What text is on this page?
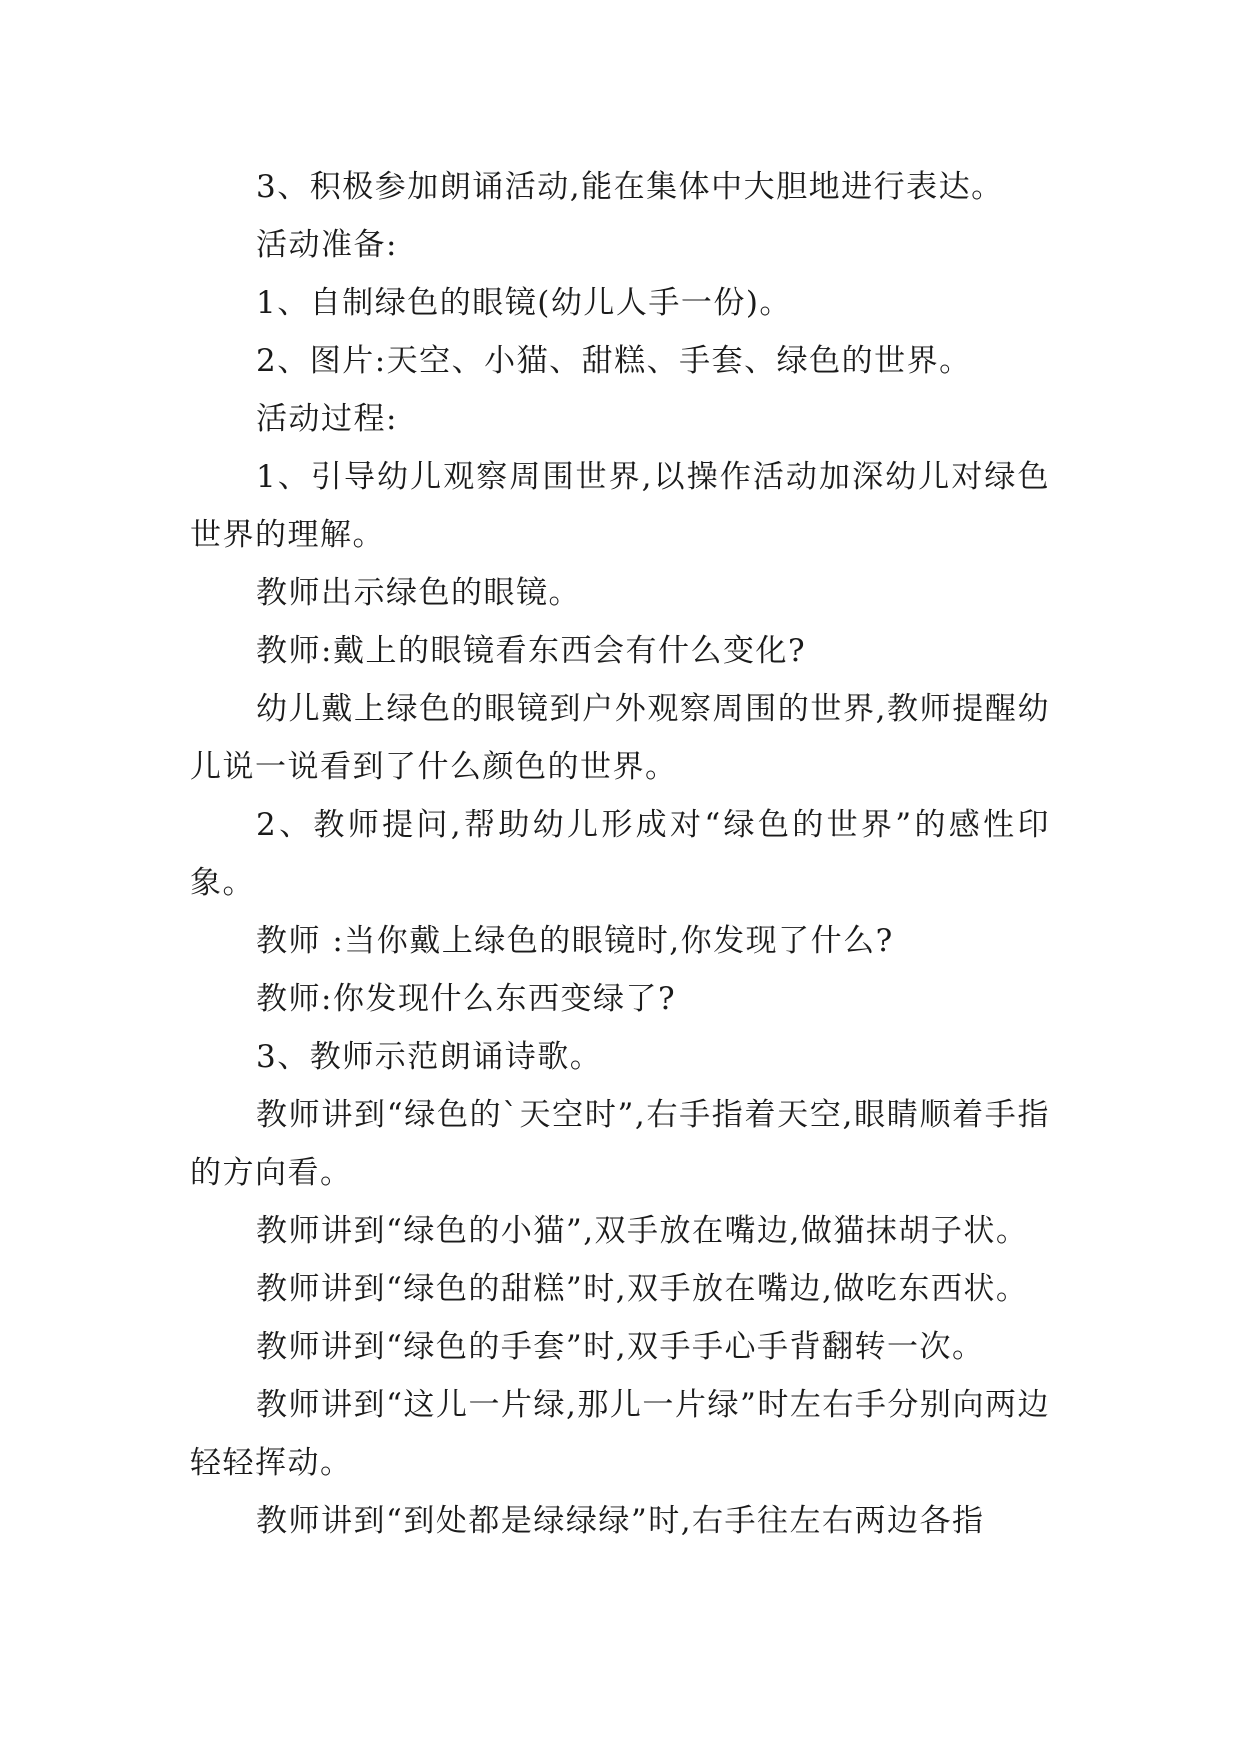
3、积极参加朗诵活动,能在集体中大胆地进行表达。

活动准备:

1、自制绿色的眼镜(幼儿人手一份)。

2、图片:天空、小猫、甜糕、手套、绿色的世界。

活动过程:

1、引导幼儿观察周围世界,以操作活动加深幼儿对绿色世界的理解。

教师出示绿色的眼镜。

教师:戴上的眼镜看东西会有什么变化?

幼儿戴上绿色的眼镜到户外观察周围的世界,教师提醒幼儿说一说看到了什么颜色的世界。

2、教师提问,帮助幼儿形成对“绿色的世界”的感性印象。

教师 :当你戴上绿色的眼镜时,你发现了什么?

教师:你发现什么东西变绿了?

3、教师示范朗诵诗歌。

教师讲到“绿色的`天空时”,右手指着天空,眼睛顺着手指的方向看。

教师讲到“绿色的小猫”,双手放在嘴边,做猫抹胡子状。

教师讲到“绿色的甜糕”时,双手放在嘴边,做吃东西状。

教师讲到“绿色的手套”时,双手手心手背翻转一次。

教师讲到“这儿一片绿,那儿一片绿”时左右手分别向两边轻轻挥动。

教师讲到“到处都是绿绿绿”时,右手往左右两边各指
